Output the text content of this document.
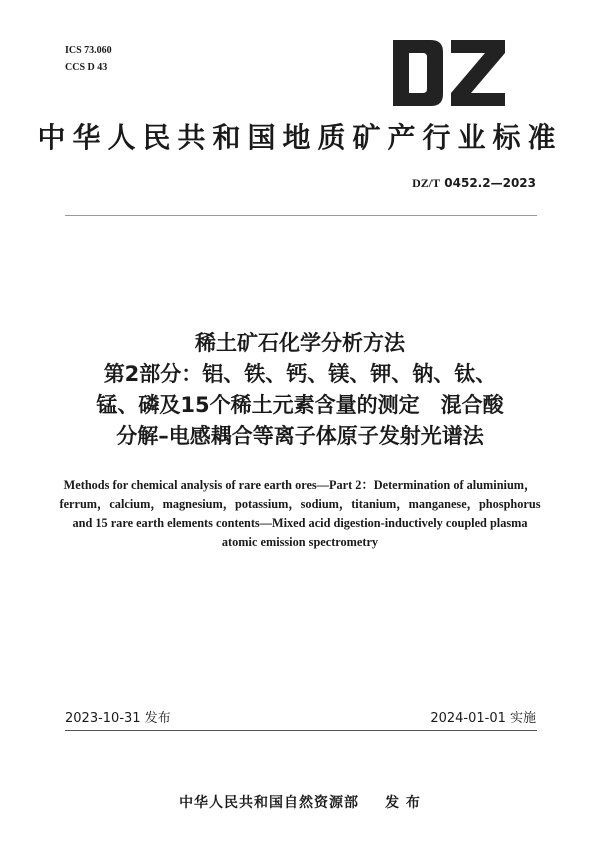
ICS 73.060
CCS D 43
中华人民共和国地质矿产行业标准
DZ/T 0452.2—2023
稀土矿石化学分析方法
第2部分：铝、铁、钙、镁、钾、钠、钛、
锰、磷及15个稀土元素含量的测定　混合酸
分解–电感耦合等离子体原子发射光谱法
Methods for chemical analysis of rare earth ores—Part 2：Determination of aluminium，
ferrum，calcium，magnesium，potassium，sodium，titanium，manganese，phosphorus
and 15 rare earth elements contents—Mixed acid digestion-inductively coupled plasma
atomic emission spectrometry
2023-10-31 发布	2024-01-01 实施
中华人民共和国自然资源部 发 布
